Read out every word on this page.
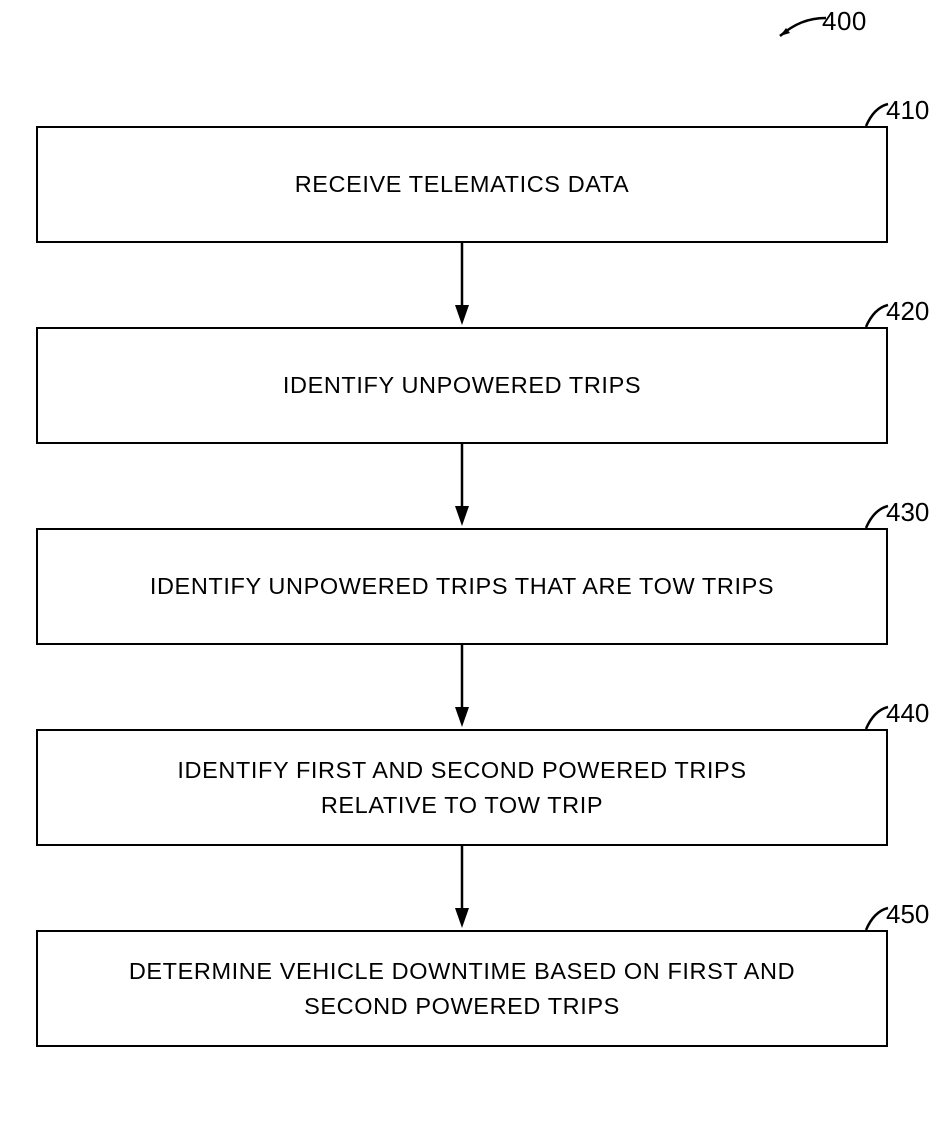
400
410
RECEIVE TELEMATICS DATA
420
IDENTIFY UNPOWERED TRIPS
430
IDENTIFY UNPOWERED TRIPS THAT ARE TOW TRIPS
440
IDENTIFY FIRST AND SECOND POWERED TRIPS
RELATIVE TO TOW TRIP
450
DETERMINE VEHICLE DOWNTIME BASED ON FIRST AND
SECOND POWERED TRIPS
